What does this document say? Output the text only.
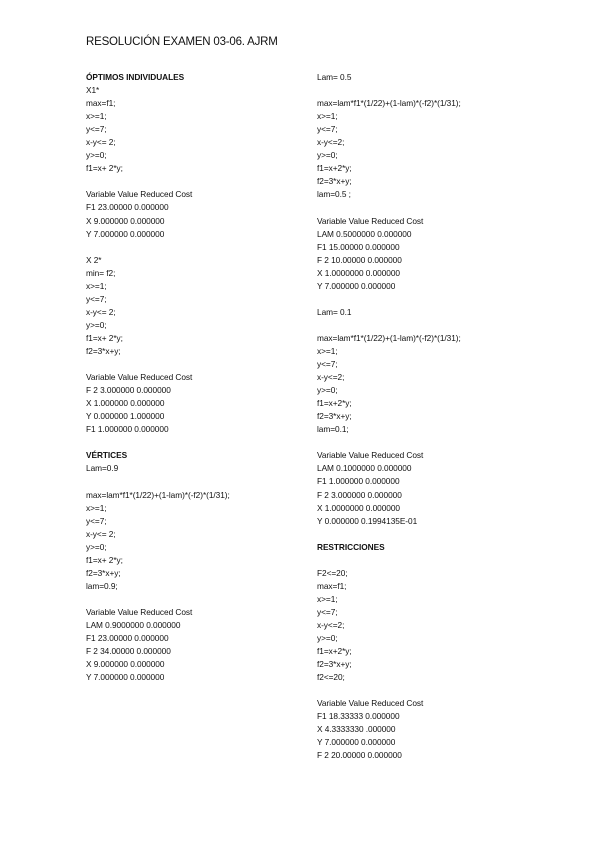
RESOLUCIÓN EXAMEN 03-06. AJRM
ÓPTIMOS INDIVIDUALES
X1*
max=f1;
x>=1;
y<=7;
x-y<= 2;
y>=0;
f1=x+ 2*y;
Variable Value Reduced Cost
F1 23.00000 0.000000
X 9.000000 0.000000
Y 7.000000 0.000000
X 2*
min= f2;
x>=1;
y<=7;
x-y<= 2;
y>=0;
f1=x+ 2*y;
f2=3*x+y;
Variable Value Reduced Cost
F 2 3.000000 0.000000
X 1.000000 0.000000
Y 0.000000 1.000000
F1 1.000000 0.000000
VÉRTICES
Lam=0.9
max=lam*f1*(1/22)+(1-lam)*(-f2)*(1/31);
x>=1;
y<=7;
x-y<= 2;
y>=0;
f1=x+ 2*y;
f2=3*x+y;
lam=0.9;
Variable Value Reduced Cost
LAM 0.9000000 0.000000
F1 23.00000 0.000000
F 2 34.00000 0.000000
X 9.000000 0.000000
Y 7.000000 0.000000
Lam= 0.5
max=lam*f1*(1/22)+(1-lam)*(-f2)*(1/31);
x>=1;
y<=7;
x-y<=2;
y>=0;
f1=x+2*y;
f2=3*x+y;
lam=0.5 ;
Variable Value Reduced Cost
LAM 0.5000000 0.000000
F1 15.00000 0.000000
F 2 10.00000 0.000000
X 1.0000000 0.000000
Y 7.000000 0.000000
Lam= 0.1
max=lam*f1*(1/22)+(1-lam)*(-f2)*(1/31);
x>=1;
y<=7;
x-y<=2;
y>=0;
f1=x+2*y;
f2=3*x+y;
lam=0.1;
Variable Value Reduced Cost
LAM 0.1000000 0.000000
F1 1.000000 0.000000
F 2 3.000000 0.000000
X 1.0000000 0.000000
Y 0.000000 0.1994135E-01
RESTRICCIONES
F2<=20;
max=f1;
x>=1;
y<=7;
x-y<=2;
y>=0;
f1=x+2*y;
f2=3*x+y;
f2<=20;
Variable Value Reduced Cost
F1 18.33333 0.000000
X 4.3333330 .000000
Y 7.000000 0.000000
F 2 20.00000 0.000000
